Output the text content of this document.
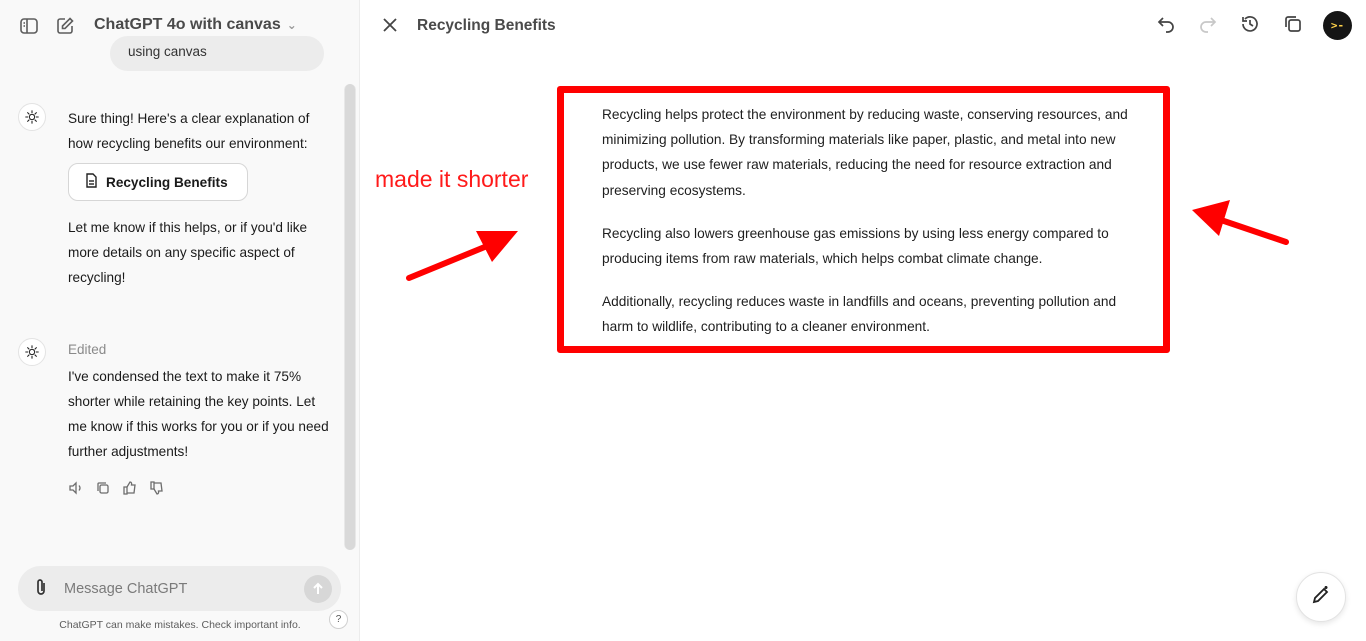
ChatGPT 4o with canvas ⌄
using canvas
Sure thing! Here's a clear explanation of how recycling benefits our environment:
Recycling Benefits
Let me know if this helps, or if you'd like more details on any specific aspect of recycling!
Edited
I've condensed the text to make it 75% shorter while retaining the key points. Let me know if this works for you or if you need further adjustments!
Message ChatGPT
ChatGPT can make mistakes. Check important info.	?
Recycling Benefits	>-

Recycling helps protect the environment by reducing waste, conserving resources, and minimizing pollution. By transforming materials like paper, plastic, and metal into new products, we use fewer raw materials, reducing the need for resource extraction and preserving ecosystems.

Recycling also lowers greenhouse gas emissions by using less energy compared to producing items from raw materials, which helps combat climate change.

Additionally, recycling reduces waste in landfills and oceans, preventing pollution and harm to wildlife, contributing to a cleaner environment.

made it shorter
